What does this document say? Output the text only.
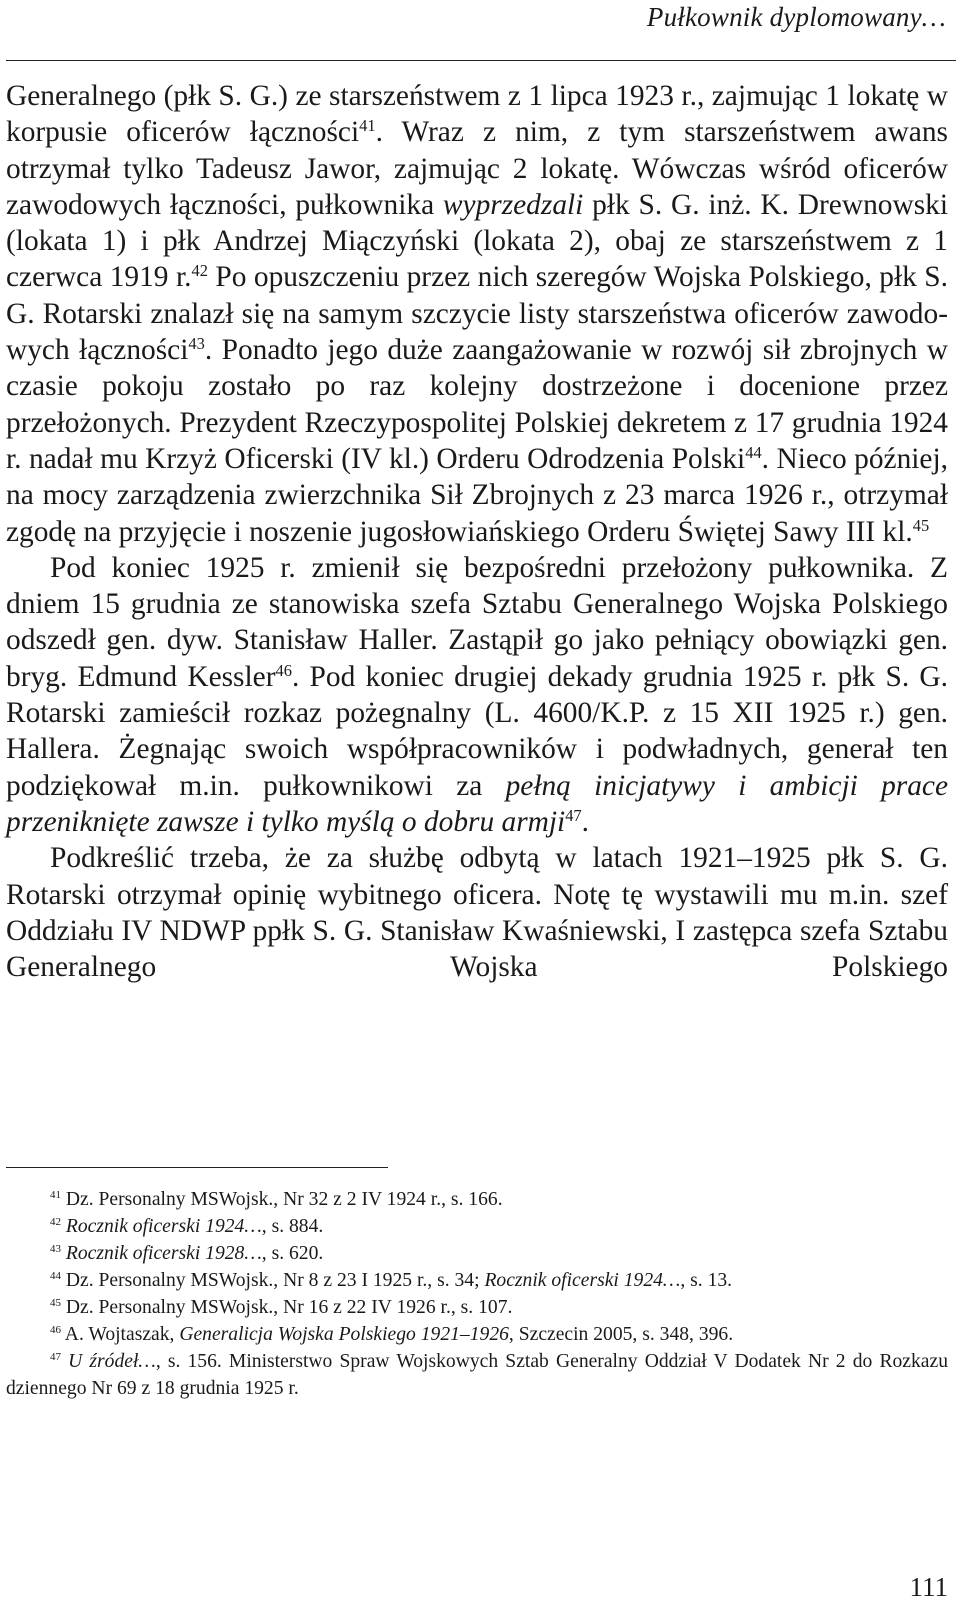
Pułkownik dyplomowany…

Generalnego (płk S. G.) ze starszeństwem z 1 lipca 1923 r., zajmując 1 lokatę w korpusie oficerów łączności$^{41}$. Wraz z nim, z tym starszeństwem awans otrzymał tylko Tadeusz Jawor, zajmując 2 lokatę. Wówczas wśród oficerów zawodowych łączności, pułkownika wyprzedzali płk S. G. inż. K. Drewnowski (lokata 1) i płk Andrzej Miączyński (lokata 2), obaj ze starszeństwem z 1 czerwca 1919 r.$^{42}$ Po opuszczeniu przez nich szeregów Wojska Polskiego, płk S. G. Rotarski znalazł się na samym szczycie listy starszeństwa oficerów zawodowych łączności$^{43}$. Ponadto jego duże zaangażowanie w rozwój sił zbrojnych w czasie pokoju zostało po raz kolejny dostrzeżone i docenione przez przełożonych. Prezydent Rzeczypospolitej Polskiej dekretem z 17 grudnia 1924 r. nadał mu Krzyż Oficerski (IV kl.) Orderu Odrodzenia Polski$^{44}$. Nieco później, na mocy zarządzenia zwierzchnika Sił Zbrojnych z 23 marca 1926 r., otrzymał zgodę na przyjęcie i noszenie jugosłowiańskiego Orderu Świętej Sawy III kl.$^{45}$

Pod koniec 1925 r. zmienił się bezpośredni przełożony pułkownika. Z dniem 15 grudnia ze stanowiska szefa Sztabu Generalnego Wojska Polskiego odszedł gen. dyw. Stanisław Haller. Zastąpił go jako pełniący obowiązki gen. bryg. Edmund Kessler$^{46}$. Pod koniec drugiej dekady grudnia 1925 r. płk S. G. Rotarski zamieścił rozkaz pożegnalny (L. 4600/K.P. z 15 XII 1925 r.) gen. Hallera. Żegnając swoich współpracowników i podwładnych, generał ten podziękował m.in. pułkownikowi za pełną inicjatywy i ambicji prace przeniknięte zawsze i tylko myślą o dobru armji$^{47}$.

Podkreślić trzeba, że za służbę odbytą w latach 1921–1925 płk S. G. Rotarski otrzymał opinię wybitnego oficera. Notę tę wystawili mu m.in. szef Oddziału IV NDWP ppłk S. G. Stanisław Kwaśniewski, I zastępca szefa Sztabu Generalnego Wojska Polskiego

$^{41}$ Dz. Personalny MSWojsk., Nr 32 z 2 IV 1924 r., s. 166.

$^{42}$ Rocznik oficerski 1924…, s. 884.

$^{43}$ Rocznik oficerski 1928…, s. 620.

$^{44}$ Dz. Personalny MSWojsk., Nr 8 z 23 I 1925 r., s. 34; Rocznik oficerski 1924…, s. 13.

$^{45}$ Dz. Personalny MSWojsk., Nr 16 z 22 IV 1926 r., s. 107.

$^{46}$ A. Wojtaszak, Generalicja Wojska Polskiego 1921–1926, Szczecin 2005, s. 348, 396.

$^{47}$ U źródeł…, s. 156. Ministerstwo Spraw Wojskowych Sztab Generalny Oddział V Dodatek Nr 2 do Rozkazu dziennego Nr 69 z 18 grudnia 1925 r.

111
